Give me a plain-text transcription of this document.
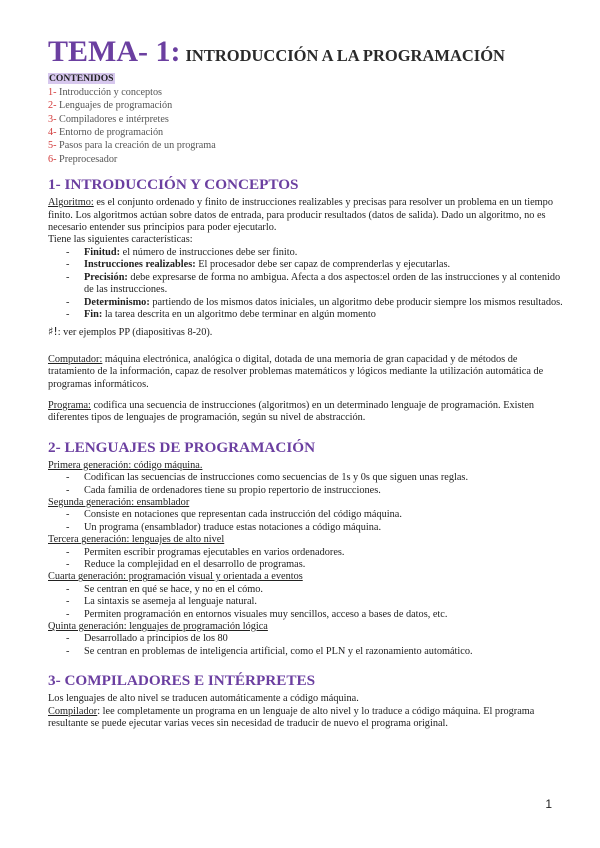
TEMA- 1: INTRODUCCIÓN A LA PROGRAMACIÓN
CONTENIDOS
1- Introducción y conceptos
2- Lenguajes de programación
3- Compiladores e intérpretes
4- Entorno de programación
5- Pasos para la creación de un programa
6- Preprocesador
1- INTRODUCCIÓN Y CONCEPTOS

Algoritmo: es el conjunto ordenado y finito de instrucciones realizables y precisas para resolver un problema en un tiempo finito. Los algoritmos actúan sobre datos de entrada, para producir resultados (datos de salida). Dado un algoritmo, no es necesario entender sus principios para poder ejecutarlo.

Tiene las siguientes características:

- Finitud: el número de instrucciones debe ser finito.
- Instrucciones realizables: El procesador debe ser capaz de comprenderlas y ejecutarlas.
- Precisión: debe expresarse de forma no ambigua. Afecta a dos aspectos:el orden de las instrucciones y al contenido de las instrucciones.
- Determinismo: partiendo de los mismos datos iniciales, un algoritmo debe producir siempre los mismos resultados.
- Fin: la tarea descrita en un algoritmo debe terminar en algún momento

♯!: ver ejemplos PP (diapositivas 8-20).

Computador: máquina electrónica, analógica o digital, dotada de una memoria de gran capacidad y de métodos de tratamiento de la información, capaz de resolver problemas matemáticos y lógicos mediante la utilización automática de programas informáticos.

Programa: codifica una secuencia de instrucciones (algoritmos) en un determinado lenguaje de programación. Existen diferentes tipos de lenguajes de programación, según su nivel de abstracción.

2- LENGUAJES DE PROGRAMACIÓN

Primera generación: código máquina.

- Codifican las secuencias de instrucciones como secuencias de 1s y 0s que siguen unas reglas.
- Cada familia de ordenadores tiene su propio repertorio de instrucciones.

Segunda generación: ensamblador

- Consiste en notaciones que representan cada instrucción del código máquina.
- Un programa (ensamblador) traduce estas notaciones a código máquina.

Tercera generación: lenguajes de alto nivel

- Permiten escribir programas ejecutables en varios ordenadores.
- Reduce la complejidad en el desarrollo de programas.

Cuarta generación: programación visual y orientada a eventos

- Se centran en qué se hace, y no en el cómo.
- La sintaxis se asemeja al lenguaje natural.
- Permiten programación en entornos visuales muy sencillos, acceso a bases de datos, etc.

Quinta generación: lenguajes de programación lógica

- Desarrollado a principios de los 80
- Se centran en problemas de inteligencia artificial, como el PLN y el razonamiento automático.
3- COMPILADORES E INTÉRPRETES

Los lenguajes de alto nivel se traducen automáticamente a código máquina.

Compilador: lee completamente un programa en un lenguaje de alto nivel y lo traduce a código máquina. El programa resultante se puede ejecutar varias veces sin necesidad de traducir de nuevo el programa original.

1
